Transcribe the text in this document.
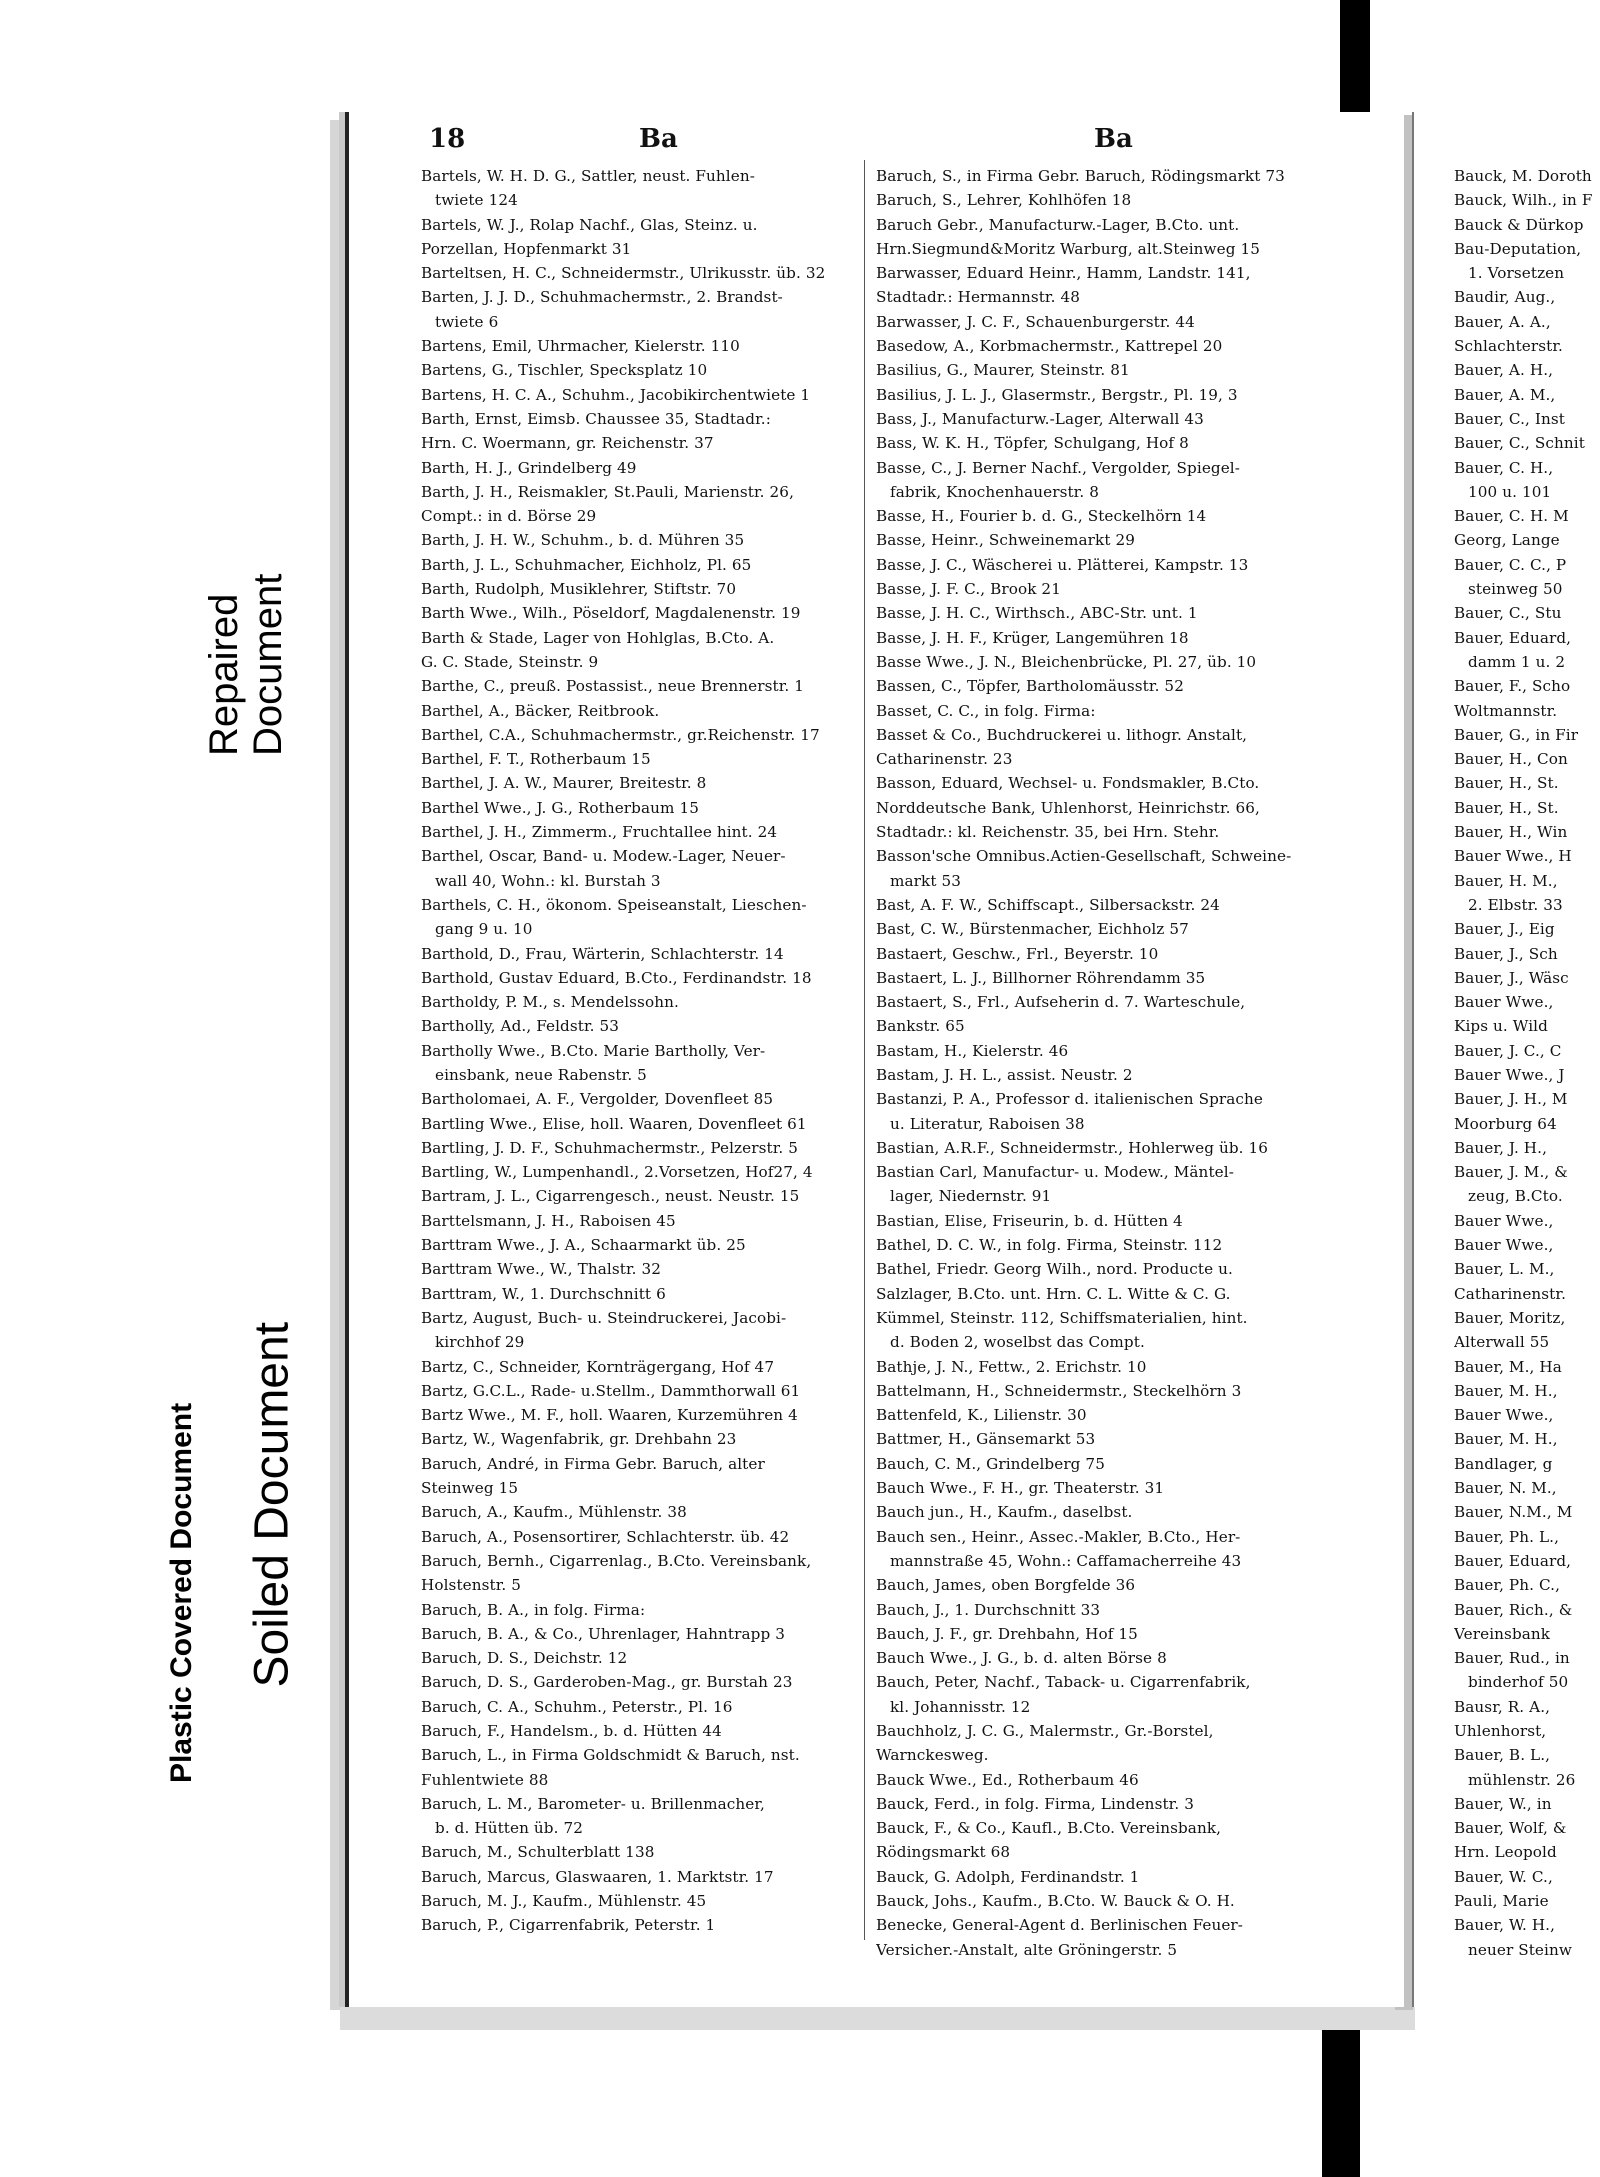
Repaired Document
Plastic Covered Document Soiled Document
18	Ba	Ba
Bartels, W. H. D. G., Sattler, neust. Fuhlen-
twiete 124
Bartels, W. J., Rolap Nachf., Glas, Steinz. u.
Porzellan, Hopfenmarkt 31
Barteltsen, H. C., Schneidermstr., Ulrikusstr. üb. 32
Barten, J. J. D., Schuhmachermstr., 2. Brandst-
twiete 6
Bartens, Emil, Uhrmacher, Kielerstr. 110
Bartens, G., Tischler, Specksplatz 10
Bartens, H. C. A., Schuhm., Jacobikirchentwiete 1
Barth, Ernst, Eimsb. Chaussee 35, Stadtadr.:
Hrn. C. Woermann, gr. Reichenstr. 37
Barth, H. J., Grindelberg 49
Barth, J. H., Reismakler, St.Pauli, Marienstr. 26,
Compt.: in d. Börse 29
Barth, J. H. W., Schuhm., b. d. Mühren 35
Barth, J. L., Schuhmacher, Eichholz, Pl. 65
Barth, Rudolph, Musiklehrer, Stiftstr. 70
Barth Wwe., Wilh., Pöseldorf, Magdalenenstr. 19
Barth & Stade, Lager von Hohlglas, B.Cto. A.
G. C. Stade, Steinstr. 9
Barthe, C., preuß. Postassist., neue Brennerstr. 1
Barthel, A., Bäcker, Reitbrook.
Barthel, C.A., Schuhmachermstr., gr.Reichenstr. 17
Barthel, F. T., Rotherbaum 15
Barthel, J. A. W., Maurer, Breitestr. 8
Barthel Wwe., J. G., Rotherbaum 15
Barthel, J. H., Zimmerm., Fruchtallee hint. 24
Barthel, Oscar, Band- u. Modew.-Lager, Neuer-
wall 40, Wohn.: kl. Burstah 3
Barthels, C. H., ökonom. Speiseanstalt, Lieschen-
gang 9 u. 10
Barthold, D., Frau, Wärterin, Schlachterstr. 14
Barthold, Gustav Eduard, B.Cto., Ferdinandstr. 18
Bartholdy, P. M., s. Mendelssohn.
Bartholly, Ad., Feldstr. 53
Bartholly Wwe., B.Cto. Marie Bartholly, Ver-
einsbank, neue Rabenstr. 5
Bartholomaei, A. F., Vergolder, Dovenfleet 85
Bartling Wwe., Elise, holl. Waaren, Dovenfleet 61
Bartling, J. D. F., Schuhmachermstr., Pelzerstr. 5
Bartling, W., Lumpenhandl., 2.Vorsetzen, Hof27, 4
Bartram, J. L., Cigarrengesch., neust. Neustr. 15
Barttelsmann, J. H., Raboisen 45
Barttram Wwe., J. A., Schaarmarkt üb. 25
Barttram Wwe., W., Thalstr. 32
Barttram, W., 1. Durchschnitt 6
Bartz, August, Buch- u. Steindruckerei, Jacobi-
kirchhof 29
Bartz, C., Schneider, Kornträgergang, Hof 47
Bartz, G.C.L., Rade- u.Stellm., Dammthorwall 61
Bartz Wwe., M. F., holl. Waaren, Kurzemühren 4
Bartz, W., Wagenfabrik, gr. Drehbahn 23
Baruch, André, in Firma Gebr. Baruch, alter
Steinweg 15
Baruch, A., Kaufm., Mühlenstr. 38
Baruch, A., Posensortirer, Schlachterstr. üb. 42
Baruch, Bernh., Cigarrenlag., B.Cto. Vereinsbank,
Holstenstr. 5
Baruch, B. A., in folg. Firma:
Baruch, B. A., & Co., Uhrenlager, Hahntrapp 3
Baruch, D. S., Deichstr. 12
Baruch, D. S., Garderoben-Mag., gr. Burstah 23
Baruch, C. A., Schuhm., Peterstr., Pl. 16
Baruch, F., Handelsm., b. d. Hütten 44
Baruch, L., in Firma Goldschmidt & Baruch, nst.
Fuhlentwiete 88
Baruch, L. M., Barometer- u. Brillenmacher,
b. d. Hütten üb. 72
Baruch, M., Schulterblatt 138
Baruch, Marcus, Glaswaaren, 1. Marktstr. 17
Baruch, M. J., Kaufm., Mühlenstr. 45
Baruch, P., Cigarrenfabrik, Peterstr. 1
Baruch, S., in Firma Gebr. Baruch, Rödingsmarkt 73
Baruch, S., Lehrer, Kohlhöfen 18
Baruch Gebr., Manufacturw.-Lager, B.Cto. unt.
Hrn.Siegmund&Moritz Warburg, alt.Steinweg 15
Barwasser, Eduard Heinr., Hamm, Landstr. 141,
Stadtadr.: Hermannstr. 48
Barwasser, J. C. F., Schauenburgerstr. 44
Basedow, A., Korbmachermstr., Kattrepel 20
Basilius, G., Maurer, Steinstr. 81
Basilius, J. L. J., Glasermstr., Bergstr., Pl. 19, 3
Bass, J., Manufacturw.-Lager, Alterwall 43
Bass, W. K. H., Töpfer, Schulgang, Hof 8
Basse, C., J. Berner Nachf., Vergolder, Spiegel-
fabrik, Knochenhauerstr. 8
Basse, H., Fourier b. d. G., Steckelhörn 14
Basse, Heinr., Schweinemarkt 29
Basse, J. C., Wäscherei u. Plätterei, Kampstr. 13
Basse, J. F. C., Brook 21
Basse, J. H. C., Wirthsch., ABC-Str. unt. 1
Basse, J. H. F., Krüger, Langemühren 18
Basse Wwe., J. N., Bleichenbrücke, Pl. 27, üb. 10
Bassen, C., Töpfer, Bartholomäusstr. 52
Basset, C. C., in folg. Firma:
Basset & Co., Buchdruckerei u. lithogr. Anstalt,
Catharinenstr. 23
Basson, Eduard, Wechsel- u. Fondsmakler, B.Cto.
Norddeutsche Bank, Uhlenhorst, Heinrichstr. 66,
Stadtadr.: kl. Reichenstr. 35, bei Hrn. Stehr.
Basson'sche Omnibus.Actien-Gesellschaft, Schweine-
markt 53
Bast, A. F. W., Schiffscapt., Silbersackstr. 24
Bast, C. W., Bürstenmacher, Eichholz 57
Bastaert, Geschw., Frl., Beyerstr. 10
Bastaert, L. J., Billhorner Röhrendamm 35
Bastaert, S., Frl., Aufseherin d. 7. Warteschule,
Bankstr. 65
Bastam, H., Kielerstr. 46
Bastam, J. H. L., assist. Neustr. 2
Bastanzi, P. A., Professor d. italienischen Sprache
u. Literatur, Raboisen 38
Bastian, A.R.F., Schneidermstr., Hohlerweg üb. 16
Bastian Carl, Manufactur- u. Modew., Mäntel-
lager, Niedernstr. 91
Bastian, Elise, Friseurin, b. d. Hütten 4
Bathel, D. C. W., in folg. Firma, Steinstr. 112
Bathel, Friedr. Georg Wilh., nord. Producte u.
Salzlager, B.Cto. unt. Hrn. C. L. Witte & C. G.
Kümmel, Steinstr. 112, Schiffsmaterialien, hint.
d. Boden 2, woselbst das Compt.
Bathje, J. N., Fettw., 2. Erichstr. 10
Battelmann, H., Schneidermstr., Steckelhörn 3
Battenfeld, K., Lilienstr. 30
Battmer, H., Gänsemarkt 53
Bauch, C. M., Grindelberg 75
Bauch Wwe., F. H., gr. Theaterstr. 31
Bauch jun., H., Kaufm., daselbst.
Bauch sen., Heinr., Assec.-Makler, B.Cto., Her-
mannstraße 45, Wohn.: Caffamacherreihe 43
Bauch, James, oben Borgfelde 36
Bauch, J., 1. Durchschnitt 33
Bauch, J. F., gr. Drehbahn, Hof 15
Bauch Wwe., J. G., b. d. alten Börse 8
Bauch, Peter, Nachf., Taback- u. Cigarrenfabrik,
kl. Johannisstr. 12
Bauchholz, J. C. G., Malermstr., Gr.-Borstel,
Warnckesweg.
Bauck Wwe., Ed., Rotherbaum 46
Bauck, Ferd., in folg. Firma, Lindenstr. 3
Bauck, F., & Co., Kaufl., B.Cto. Vereinsbank,
Rödingsmarkt 68
Bauck, G. Adolph, Ferdinandstr. 1
Bauck, Johs., Kaufm., B.Cto. W. Bauck & O. H.
Benecke, General-Agent d. Berlinischen Feuer-
Versicher.-Anstalt, alte Gröningerstr. 5
Bauck, M. Doroth
Bauck, Wilh., in F
Bauck & Dürkop
Bau-Deputation,
1. Vorsetzen
Baudir, Aug.,
Bauer, A. A.,
Schlachterstr.
Bauer, A. H.,
Bauer, A. M.,
Bauer, C., Inst
Bauer, C., Schnit
Bauer, C. H.,
100 u. 101
Bauer, C. H. M
Georg, Lange
Bauer, C. C., P
steinweg 50
Bauer, C., Stu
Bauer, Eduard,
damm 1 u. 2
Bauer, F., Scho
Woltmannstr.
Bauer, G., in Fir
Bauer, H., Con
Bauer, H., St.
Bauer, H., St.
Bauer, H., Win
Bauer Wwe., H
Bauer, H. M.,
2. Elbstr. 33
Bauer, J., Eig
Bauer, J., Sch
Bauer, J., Wäsc
Bauer Wwe.,
Kips u. Wild
Bauer, J. C., C
Bauer Wwe., J
Bauer, J. H., M
Moorburg 64
Bauer, J. H.,
Bauer, J. M., &
zeug, B.Cto.
Bauer Wwe.,
Bauer Wwe.,
Bauer, L. M.,
Catharinenstr.
Bauer, Moritz,
Alterwall 55
Bauer, M., Ha
Bauer, M. H.,
Bauer Wwe.,
Bauer, M. H.,
Bandlager, g
Bauer, N. M.,
Bauer, N.M., M
Bauer, Ph. L.,
Bauer, Eduard,
Bauer, Ph. C.,
Bauer, Rich., &
Vereinsbank
Bauer, Rud., in
binderhof 50
Bausr, R. A.,
Uhlenhorst,
Bauer, B. L.,
mühlenstr. 26
Bauer, W., in
Bauer, Wolf, &
Hrn. Leopold
Bauer, W. C.,
Pauli, Marie
Bauer, W. H.,
neuer Steinw
